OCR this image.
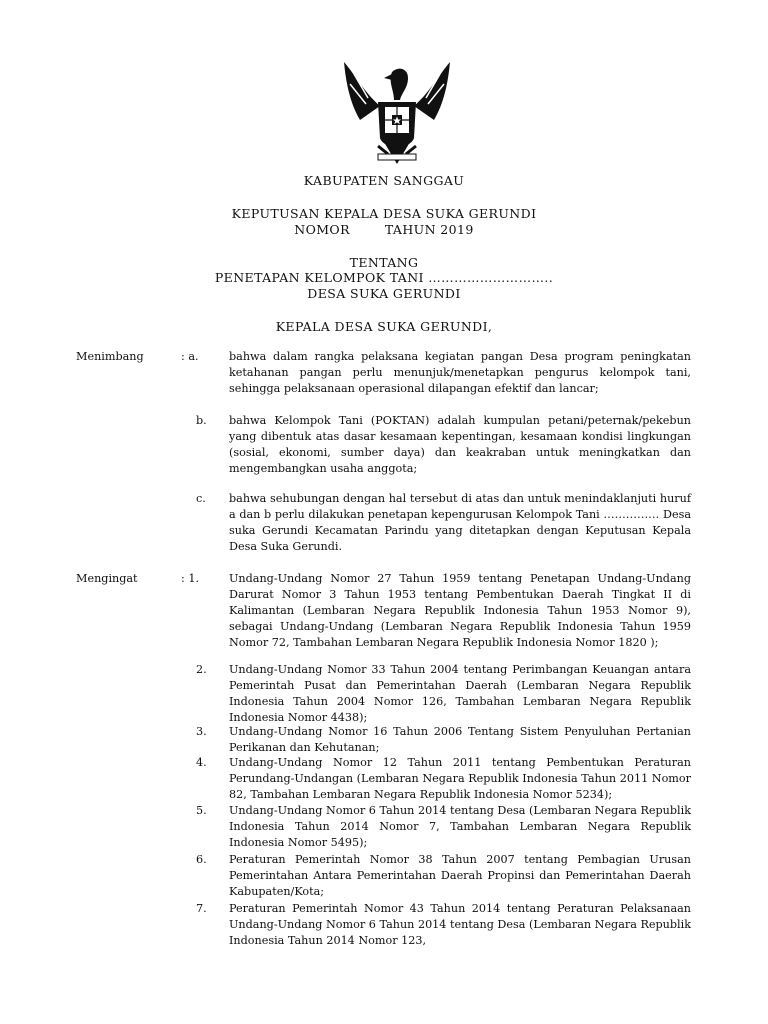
KABUPATEN SANGGAU
KEPUTUSAN KEPALA DESA SUKA GERUNDI
NOMOR        TAHUN 2019
TENTANG
PENETAPAN KELOMPOK TANI ………………………..
DESA SUKA GERUNDI
KEPALA DESA SUKA GERUNDI,
Menimbang	: a.	bahwa dalam rangka pelaksana kegiatan pangan Desa program peningkatan ketahanan pangan perlu menunjuk/menetapkan pengurus kelompok tani, sehingga pelaksanaan operasional dilapangan efektif dan lancar;
b. bahwa Kelompok Tani (POKTAN) adalah kumpulan petani/peternak/pekebun yang dibentuk atas dasar kesamaan kepentingan, kesamaan kondisi lingkungan (sosial, ekonomi, sumber daya) dan keakraban untuk meningkatkan dan mengembangkan usaha anggota;
c. bahwa sehubungan dengan hal tersebut di atas dan untuk menindaklanjuti huruf a dan b perlu dilakukan penetapan kepengurusan Kelompok Tani …………… Desa suka Gerundi Kecamatan Parindu yang ditetapkan dengan Keputusan Kepala Desa Suka Gerundi.
Mengingat	: 1.	Undang-Undang Nomor 27 Tahun 1959 tentang Penetapan Undang-Undang Darurat Nomor 3 Tahun 1953 tentang Pembentukan Daerah Tingkat II di Kalimantan (Lembaran Negara Republik Indonesia Tahun 1953 Nomor 9), sebagai Undang-Undang (Lembaran Negara Republik Indonesia Tahun 1959 Nomor 72, Tambahan Lembaran Negara Republik Indonesia Nomor 1820 );
2. Undang-Undang Nomor 33 Tahun 2004 tentang Perimbangan Keuangan antara Pemerintah Pusat dan Pemerintahan Daerah (Lembaran Negara Republik Indonesia Tahun 2004 Nomor 126, Tambahan Lembaran Negara Republik Indonesia Nomor 4438);
3. Undang-Undang Nomor 16 Tahun 2006 Tentang Sistem Penyuluhan Pertanian Perikanan dan Kehutanan;
4. Undang-Undang Nomor 12 Tahun 2011 tentang Pembentukan Peraturan Perundang-Undangan (Lembaran Negara Republik Indonesia Tahun 2011 Nomor 82, Tambahan Lembaran Negara Republik Indonesia Nomor 5234);
5. Undang-Undang Nomor 6 Tahun 2014 tentang Desa (Lembaran Negara Republik Indonesia Tahun 2014 Nomor 7, Tambahan Lembaran Negara Republik Indonesia Nomor 5495);
6. Peraturan Pemerintah Nomor 38 Tahun 2007 tentang Pembagian Urusan Pemerintahan Antara Pemerintahan Daerah Propinsi dan Pemerintahan Daerah Kabupaten/Kota;
7. Peraturan Pemerintah Nomor 43 Tahun 2014 tentang Peraturan Pelaksanaan Undang-Undang Nomor 6 Tahun 2014 tentang Desa (Lembaran Negara Republik Indonesia Tahun 2014 Nomor 123,
